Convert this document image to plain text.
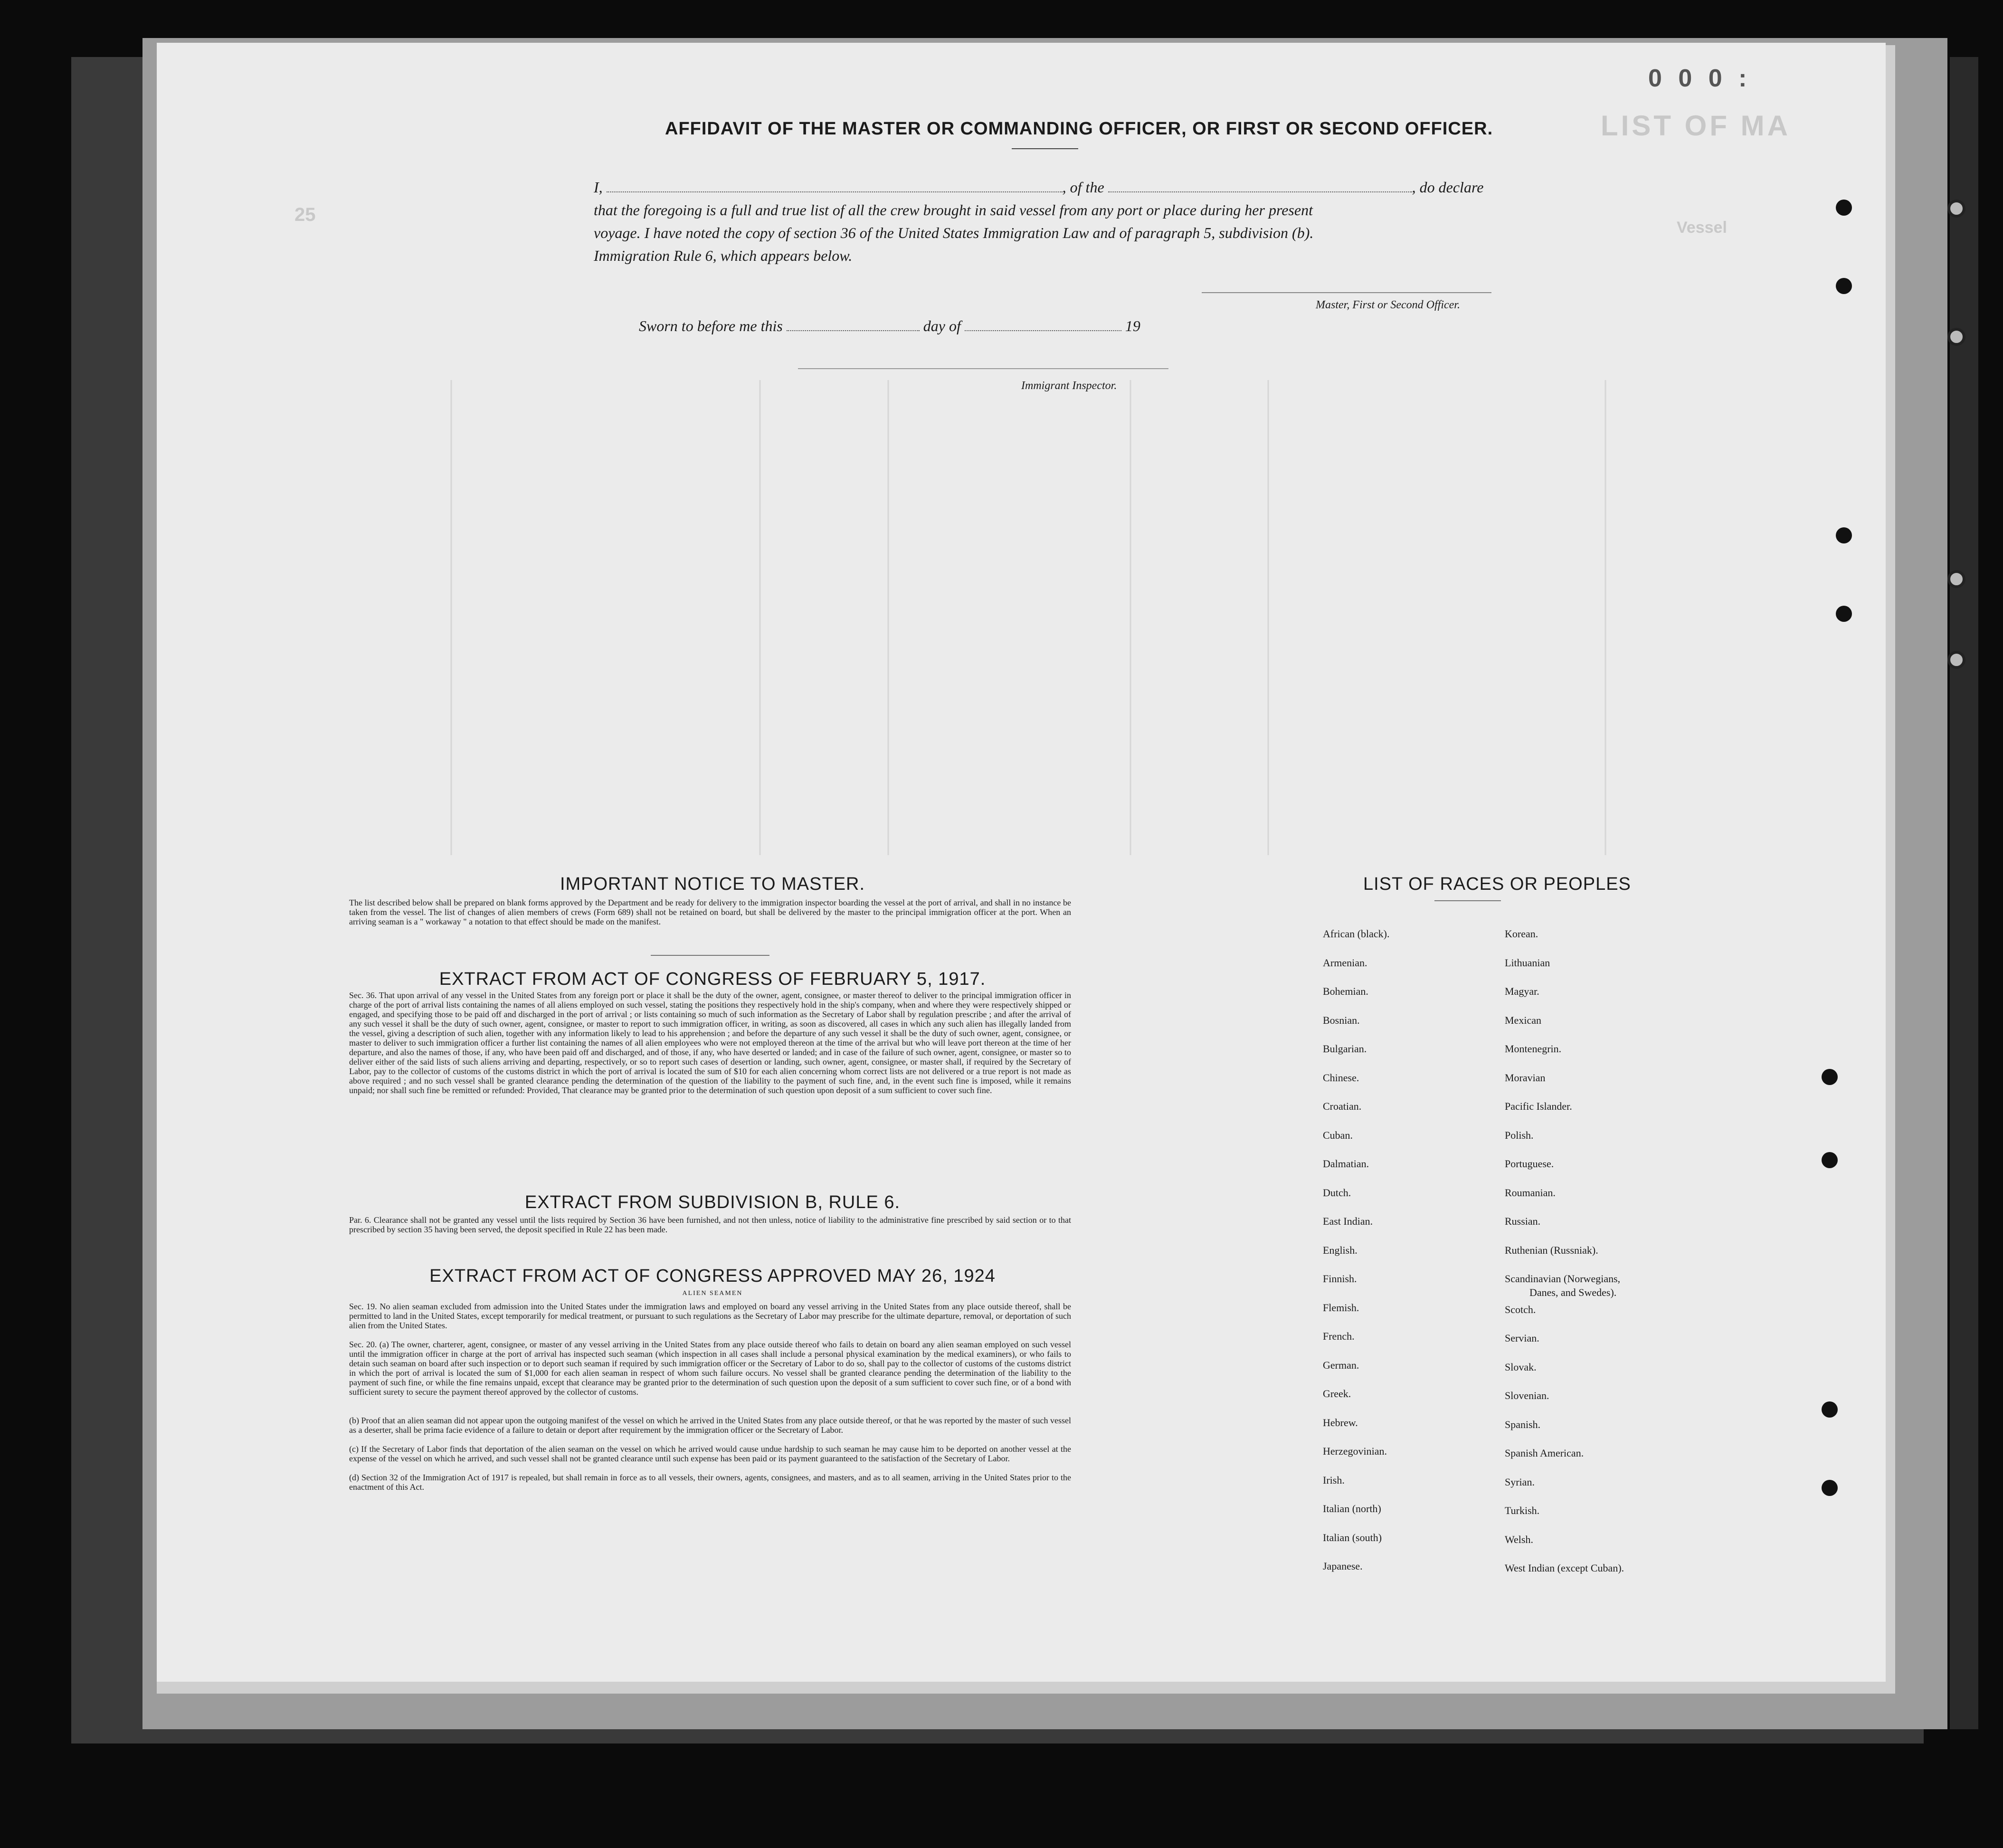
LIST OF MA
Vessel
25
0 0 0 :
AFFIDAVIT OF THE MASTER OR COMMANDING OFFICER, OR FIRST OR SECOND OFFICER.
I,	, of the	, do declare
that the foregoing is a full and true list of all the crew brought in said vessel from any port or place during her present
voyage. I have noted the copy of section 36 of the United States Immigration Law and of paragraph 5, subdivision (b).
Immigration Rule 6, which appears below.
Master, First or Second Officer.
Sworn to before me this	day of	19
Immigrant Inspector.
IMPORTANT NOTICE TO MASTER.
The list described below shall be prepared on blank forms approved by the Department and be ready for delivery to the immigration inspector boarding the vessel at the port of arrival, and shall in no instance be taken from the vessel. The list of changes of alien members of crews (Form 689) shall not be retained on board, but shall be delivered by the master to the principal immigration officer at the port. When an arriving seaman is a " workaway " a notation to that effect should be made on the manifest.
EXTRACT FROM ACT OF CONGRESS OF FEBRUARY 5, 1917.
Sec. 36. That upon arrival of any vessel in the United States from any foreign port or place it shall be the duty of the owner, agent, consignee, or master thereof to deliver to the principal immigration officer in charge of the port of arrival lists containing the names of all aliens employed on such vessel, stating the positions they respectively hold in the ship's company, when and where they were respectively shipped or engaged, and specifying those to be paid off and discharged in the port of arrival ; or lists containing so much of such information as the Secretary of Labor shall by regulation prescribe ; and after the arrival of any such vessel it shall be the duty of such owner, agent, consignee, or master to report to such immigration officer, in writing, as soon as discovered, all cases in which any such alien has illegally landed from the vessel, giving a description of such alien, together with any information likely to lead to his apprehension ; and before the departure of any such vessel it shall be the duty of such owner, agent, consignee, or master to deliver to such immigration officer a further list containing the names of all alien employees who were not employed thereon at the time of the arrival but who will leave port thereon at the time of her departure, and also the names of those, if any, who have been paid off and discharged, and of those, if any, who have deserted or landed; and in case of the failure of such owner, agent, consignee, or master so to deliver either of the said lists of such aliens arriving and departing, respectively, or so to report such cases of desertion or landing, such owner, agent, consignee, or master shall, if required by the Secretary of Labor, pay to the collector of customs of the customs district in which the port of arrival is located the sum of $10 for each alien concerning whom correct lists are not delivered or a true report is not made as above required ; and no such vessel shall be granted clearance pending the determination of the question of the liability to the payment of such fine, and, in the event such fine is imposed, while it remains unpaid; nor shall such fine be remitted or refunded: Provided, That clearance may be granted prior to the determination of such question upon deposit of a sum sufficient to cover such fine.
EXTRACT FROM SUBDIVISION B, RULE 6.
Par. 6. Clearance shall not be granted any vessel until the lists required by Section 36 have been furnished, and not then unless, notice of liability to the administrative fine prescribed by said section or to that prescribed by section 35 having been served, the deposit specified in Rule 22 has been made.
EXTRACT FROM ACT OF CONGRESS APPROVED MAY 26, 1924
ALIEN SEAMEN
Sec. 19. No alien seaman excluded from admission into the United States under the immigration laws and employed on board any vessel arriving in the United States from any place outside thereof, shall be permitted to land in the United States, except temporarily for medical treatment, or pursuant to such regulations as the Secretary of Labor may prescribe for the ultimate departure, removal, or deportation of such alien from the United States.
Sec. 20. (a) The owner, charterer, agent, consignee, or master of any vessel arriving in the United States from any place outside thereof who fails to detain on board any alien seaman employed on such vessel until the immigration officer in charge at the port of arrival has inspected such seaman (which inspection in all cases shall include a personal physical examination by the medical examiners), or who fails to detain such seaman on board after such inspection or to deport such seaman if required by such immigration officer or the Secretary of Labor to do so, shall pay to the collector of customs of the customs district in which the port of arrival is located the sum of $1,000 for each alien seaman in respect of whom such failure occurs. No vessel shall be granted clearance pending the determination of the liability to the payment of such fine, or while the fine remains unpaid, except that clearance may be granted prior to the determination of such question upon the deposit of a sum sufficient to cover such fine, or of a bond with sufficient surety to secure the payment thereof approved by the collector of customs.
(b) Proof that an alien seaman did not appear upon the outgoing manifest of the vessel on which he arrived in the United States from any place outside thereof, or that he was reported by the master of such vessel as a deserter, shall be prima facie evidence of a failure to detain or deport after requirement by the immigration officer or the Secretary of Labor.
(c) If the Secretary of Labor finds that deportation of the alien seaman on the vessel on which he arrived would cause undue hardship to such seaman he may cause him to be deported on another vessel at the expense of the vessel on which he arrived, and such vessel shall not be granted clearance until such expense has been paid or its payment guaranteed to the satisfaction of the Secretary of Labor.
(d) Section 32 of the Immigration Act of 1917 is repealed, but shall remain in force as to all vessels, their owners, agents, consignees, and masters, and as to all seamen, arriving in the United States prior to the enactment of this Act.
LIST OF RACES OR PEOPLES
African (black).
Armenian.
Bohemian.
Bosnian.
Bulgarian.
Chinese.
Croatian.
Cuban.
Dalmatian.
Dutch.
East Indian.
English.
Finnish.
Flemish.
French.
German.
Greek.
Hebrew.
Herzegovinian.
Irish.
Italian (north)
Italian (south)
Japanese.
Korean.
Lithuanian
Magyar.
Mexican
Montenegrin.
Moravian
Pacific Islander.
Polish.
Portuguese.
Roumanian.
Russian.
Ruthenian (Russniak).
Scandinavian (Norwegians,
Scotch.
Servian.
Slovak.
Slovenian.
Spanish.
Spanish American.
Syrian.
Turkish.
Welsh.
West Indian (except Cuban).
Danes, and Swedes).
